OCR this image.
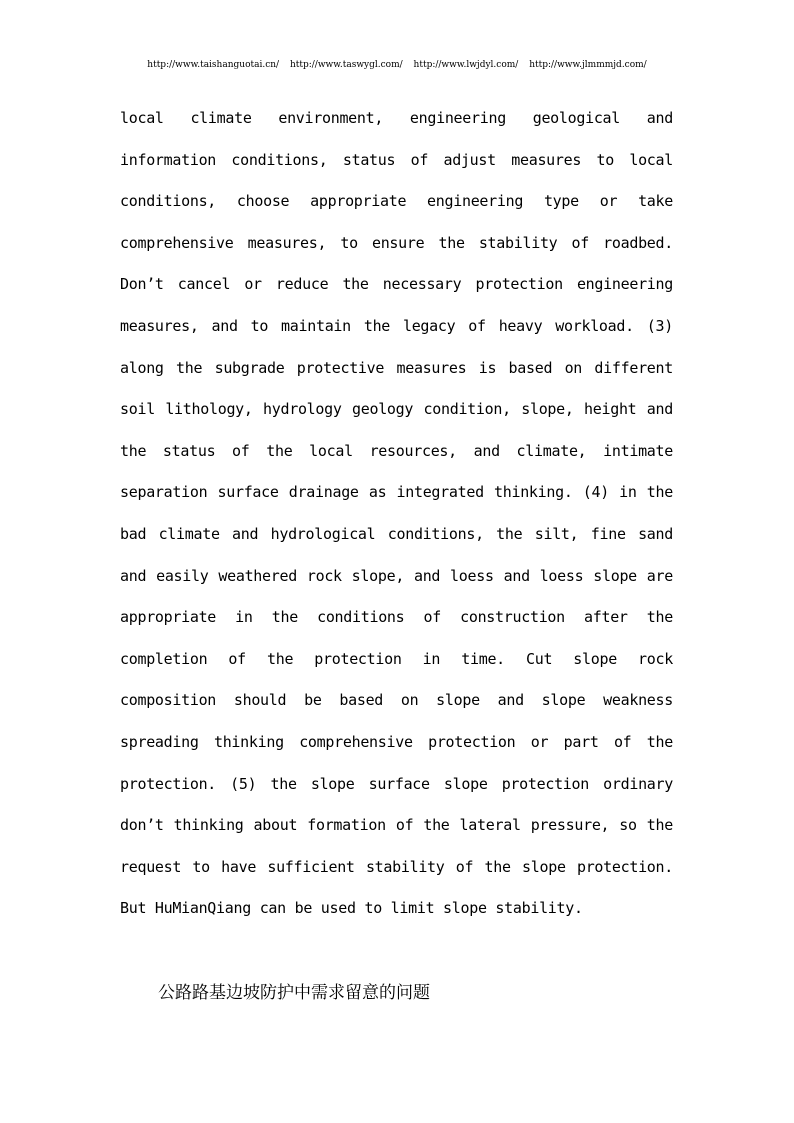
http://www.taishanguotai.cn/ http://www.taswygl.com/ http://www.lwjdyl.com/ http://www.jlmmmjd.com/
local climate environment, engineering geological and
information conditions, status of adjust measures to local
conditions, choose appropriate engineering type or take
comprehensive measures, to ensure the stability of roadbed.
Don’t cancel or reduce the necessary protection engineering
measures, and to maintain the legacy of heavy workload. (3)
along the subgrade protective measures is based on different
soil lithology, hydrology geology condition, slope, height and
the status of the local resources, and climate, intimate
separation surface drainage as integrated thinking. (4) in the
bad climate and hydrological conditions, the silt, fine sand
and easily weathered rock slope, and loess and loess slope are
appropriate in the conditions of construction after the
completion of the protection in time. Cut slope rock
composition should be based on slope and slope weakness
spreading thinking comprehensive protection or part of the
protection. (5) the slope surface slope protection ordinary
don’t thinking about formation of the lateral pressure, so the
request to have sufficient stability of the slope protection.
But HuMianQiang can be used to limit slope stability.
公路路基边坡防护中需求留意的问题
